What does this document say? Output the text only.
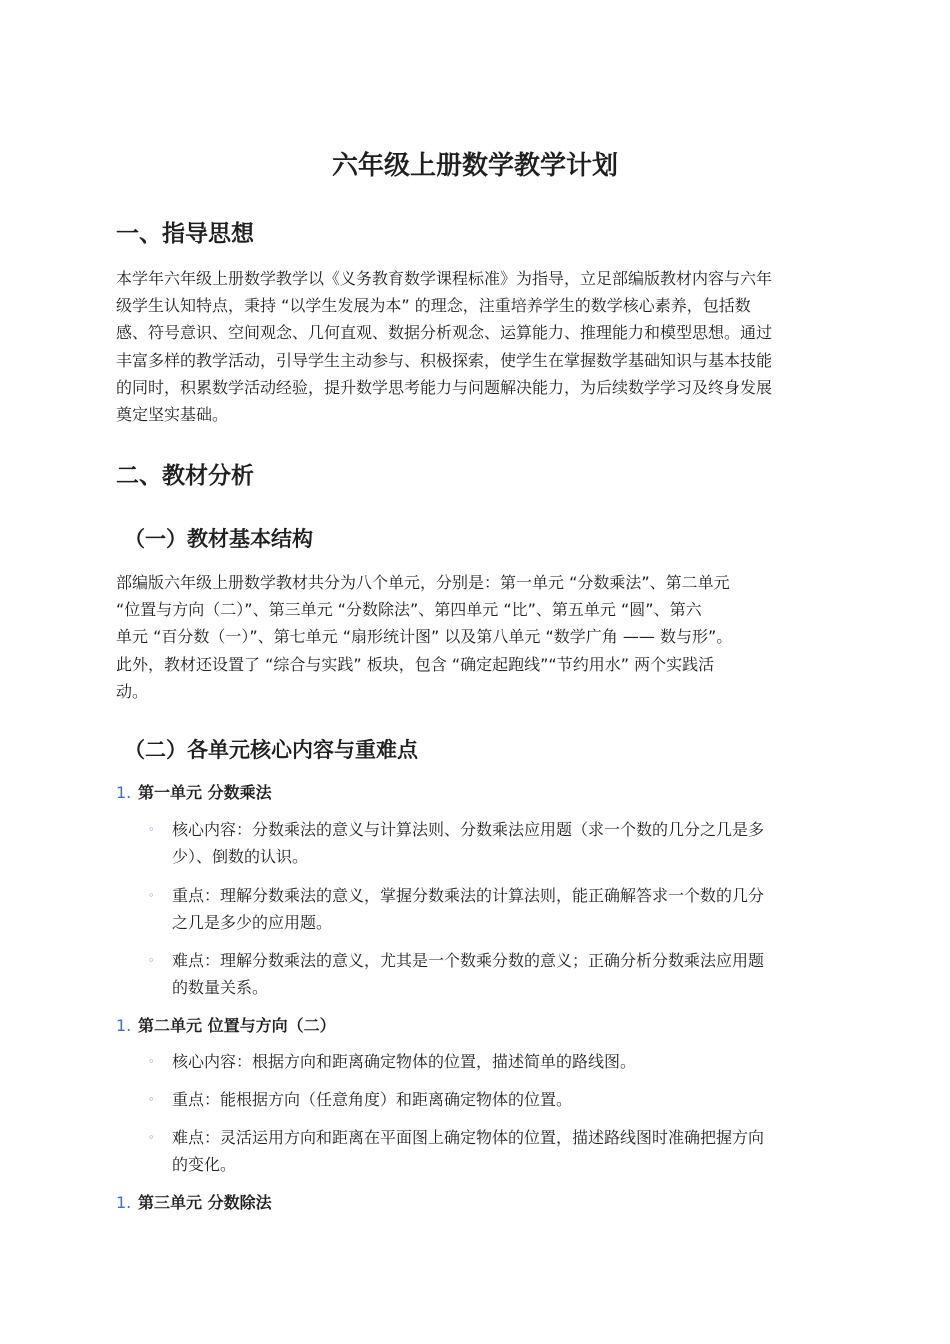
六年级上册数学教学计划
一、指导思想
本学年六年级上册数学教学以《义务教育数学课程标准》为指导，立足部编版教材内容与六年
级学生认知特点，秉持 “以学生发展为本” 的理念，注重培养学生的数学核心素养，包括数
感、符号意识、空间观念、几何直观、数据分析观念、运算能力、推理能力和模型思想。通过
丰富多样的教学活动，引导学生主动参与、积极探索，使学生在掌握数学基础知识与基本技能
的同时，积累数学活动经验，提升数学思考能力与问题解决能力，为后续数学学习及终身发展
奠定坚实基础。
二、教材分析
（一）教材基本结构
部编版六年级上册数学教材共分为八个单元，分别是：第一单元 “分数乘法”、第二单元
“位置与方向（二）”、第三单元 “分数除法”、第四单元 “比”、第五单元 “圆”、第六
单元 “百分数（一）”、第七单元 “扇形统计图” 以及第八单元 “数学广角 —— 数与形”。
此外，教材还设置了 “综合与实践” 板块，包含 “确定起跑线”“节约用水” 两个实践活
动。
（二）各单元核心内容与重难点
1. 第一单元 分数乘法
◦	核心内容：分数乘法的意义与计算法则、分数乘法应用题（求一个数的几分之几是多
少）、倒数的认识。
◦	重点：理解分数乘法的意义，掌握分数乘法的计算法则，能正确解答求一个数的几分
之几是多少的应用题。
◦	难点：理解分数乘法的意义，尤其是一个数乘分数的意义；正确分析分数乘法应用题
的数量关系。
1. 第二单元 位置与方向（二）
◦	核心内容：根据方向和距离确定物体的位置，描述简单的路线图。
◦	重点：能根据方向（任意角度）和距离确定物体的位置。
◦	难点：灵活运用方向和距离在平面图上确定物体的位置，描述路线图时准确把握方向
的变化。
1. 第三单元 分数除法
